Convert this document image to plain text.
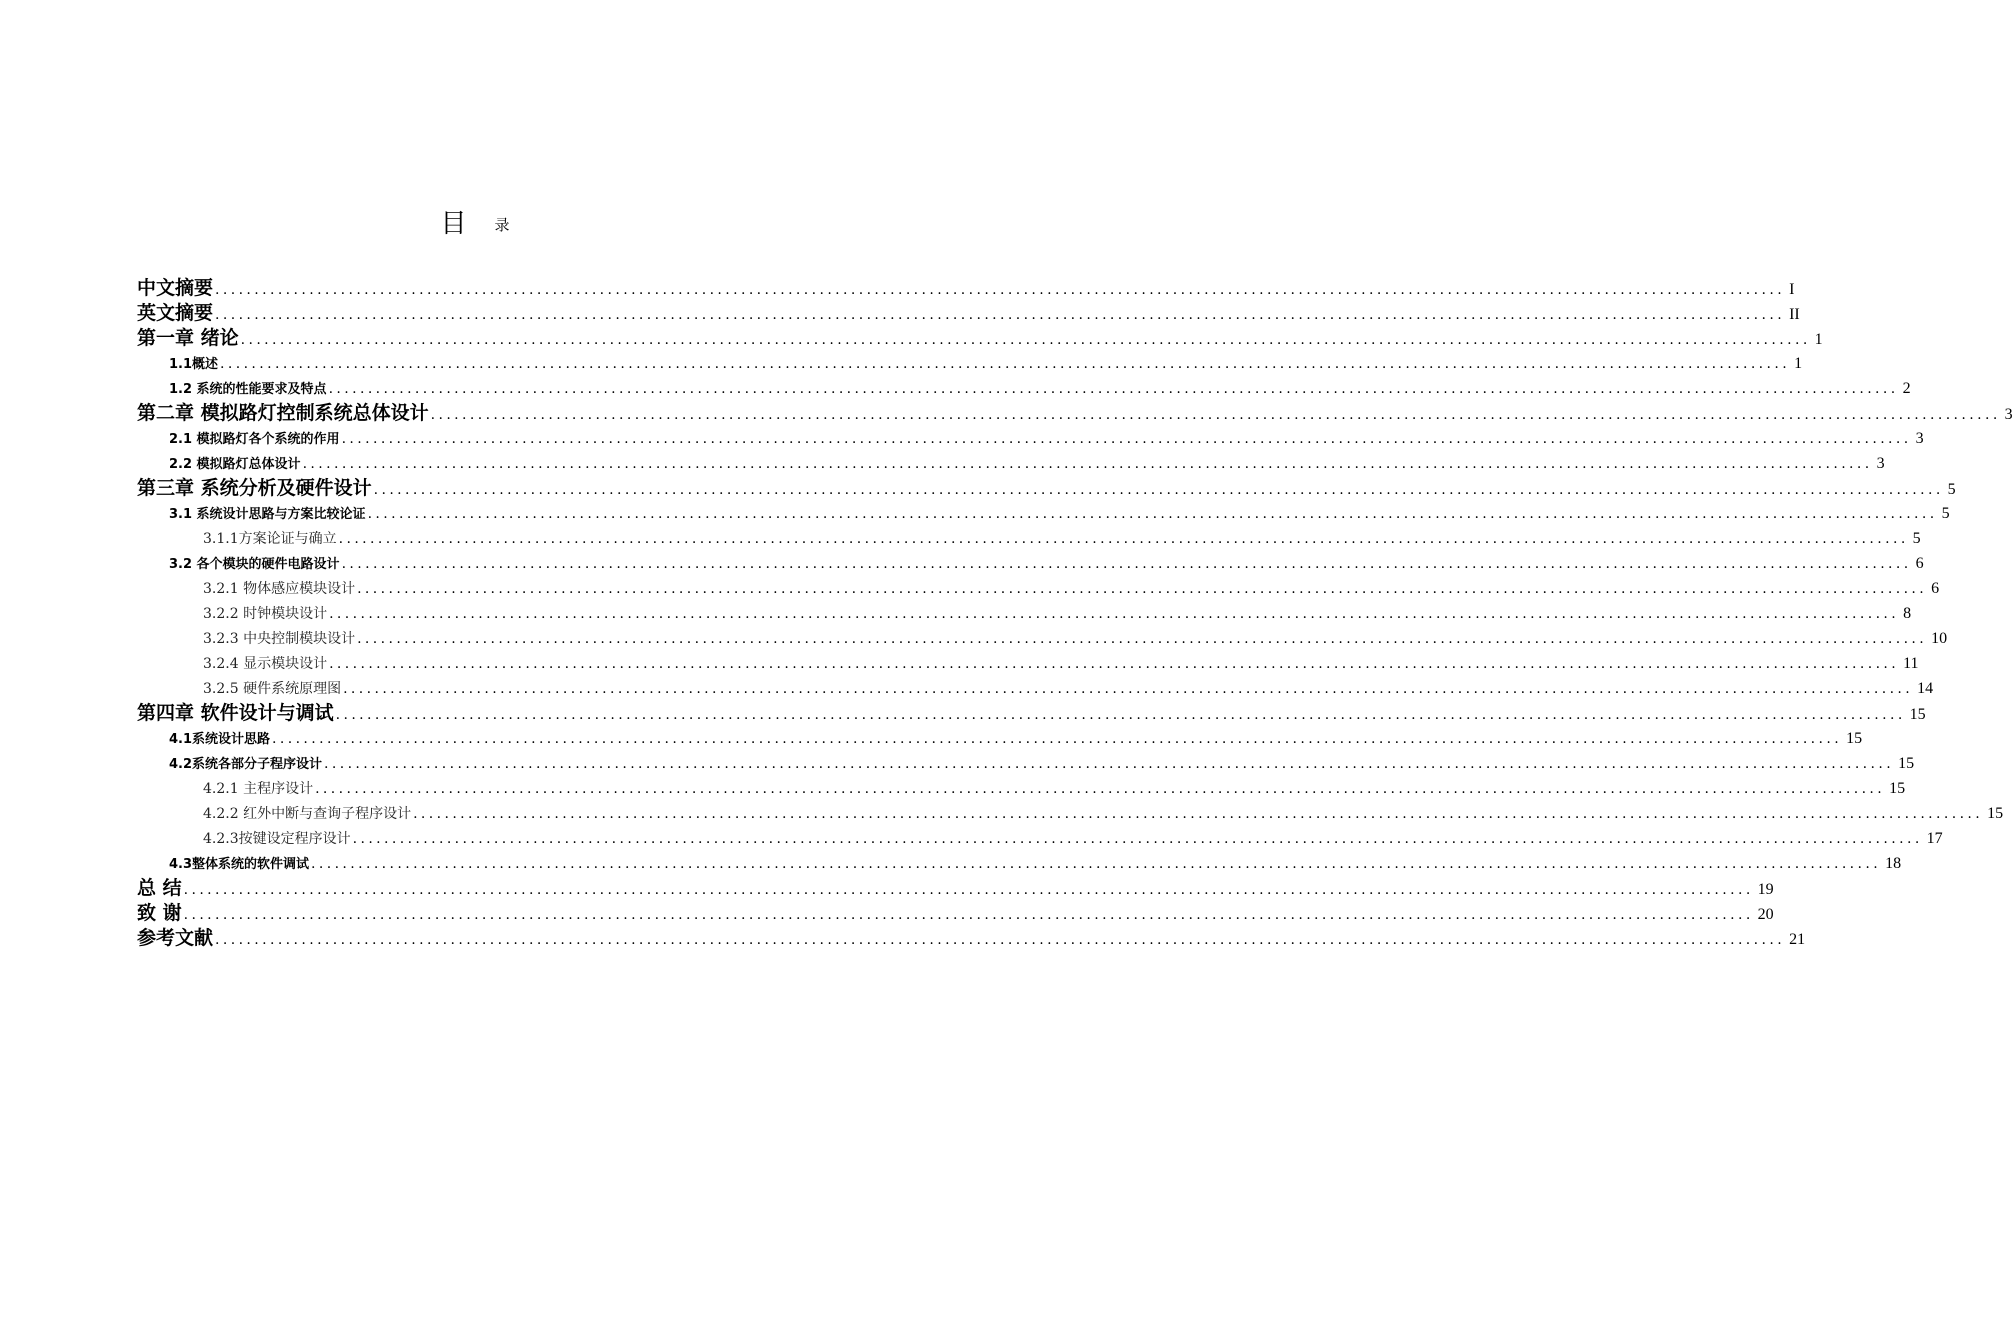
目 录
中文摘要 ........................................................................................................................................................................................................ I
英文摘要 ........................................................................................................................................................................................................ II
第一章 绪论 ........................................................................................................................................................................................................ 1
1.1概述 ........................................................................................................................................................................................................ 1
1.2 系统的性能要求及特点 ........................................................................................................................................................................................................ 2
第二章 模拟路灯控制系统总体设计 ........................................................................................................................................................................................................ 3
2.1 模拟路灯各个系统的作用 ........................................................................................................................................................................................................ 3
2.2 模拟路灯总体设计 ........................................................................................................................................................................................................ 3
第三章 系统分析及硬件设计 ........................................................................................................................................................................................................ 5
3.1 系统设计思路与方案比较论证 ........................................................................................................................................................................................................ 5
3.1.1方案论证与确立 ........................................................................................................................................................................................................ 5
3.2 各个模块的硬件电路设计 ........................................................................................................................................................................................................ 6
3.2.1 物体感应模块设计 ........................................................................................................................................................................................................ 6
3.2.2 时钟模块设计 ........................................................................................................................................................................................................ 8
3.2.3 中央控制模块设计 ........................................................................................................................................................................................................ 10
3.2.4 显示模块设计 ........................................................................................................................................................................................................ 11
3.2.5 硬件系统原理图 ........................................................................................................................................................................................................ 14
第四章 软件设计与调试 ........................................................................................................................................................................................................ 15
4.1系统设计思路 ........................................................................................................................................................................................................ 15
4.2系统各部分子程序设计 ........................................................................................................................................................................................................ 15
4.2.1 主程序设计 ........................................................................................................................................................................................................ 15
4.2.2 红外中断与查询子程序设计 ........................................................................................................................................................................................................ 15
4.2.3按键设定程序设计 ........................................................................................................................................................................................................ 17
4.3整体系统的软件调试 ........................................................................................................................................................................................................ 18
总 结 ........................................................................................................................................................................................................ 19
致 谢 ........................................................................................................................................................................................................ 20
参考文献 ........................................................................................................................................................................................................ 21
